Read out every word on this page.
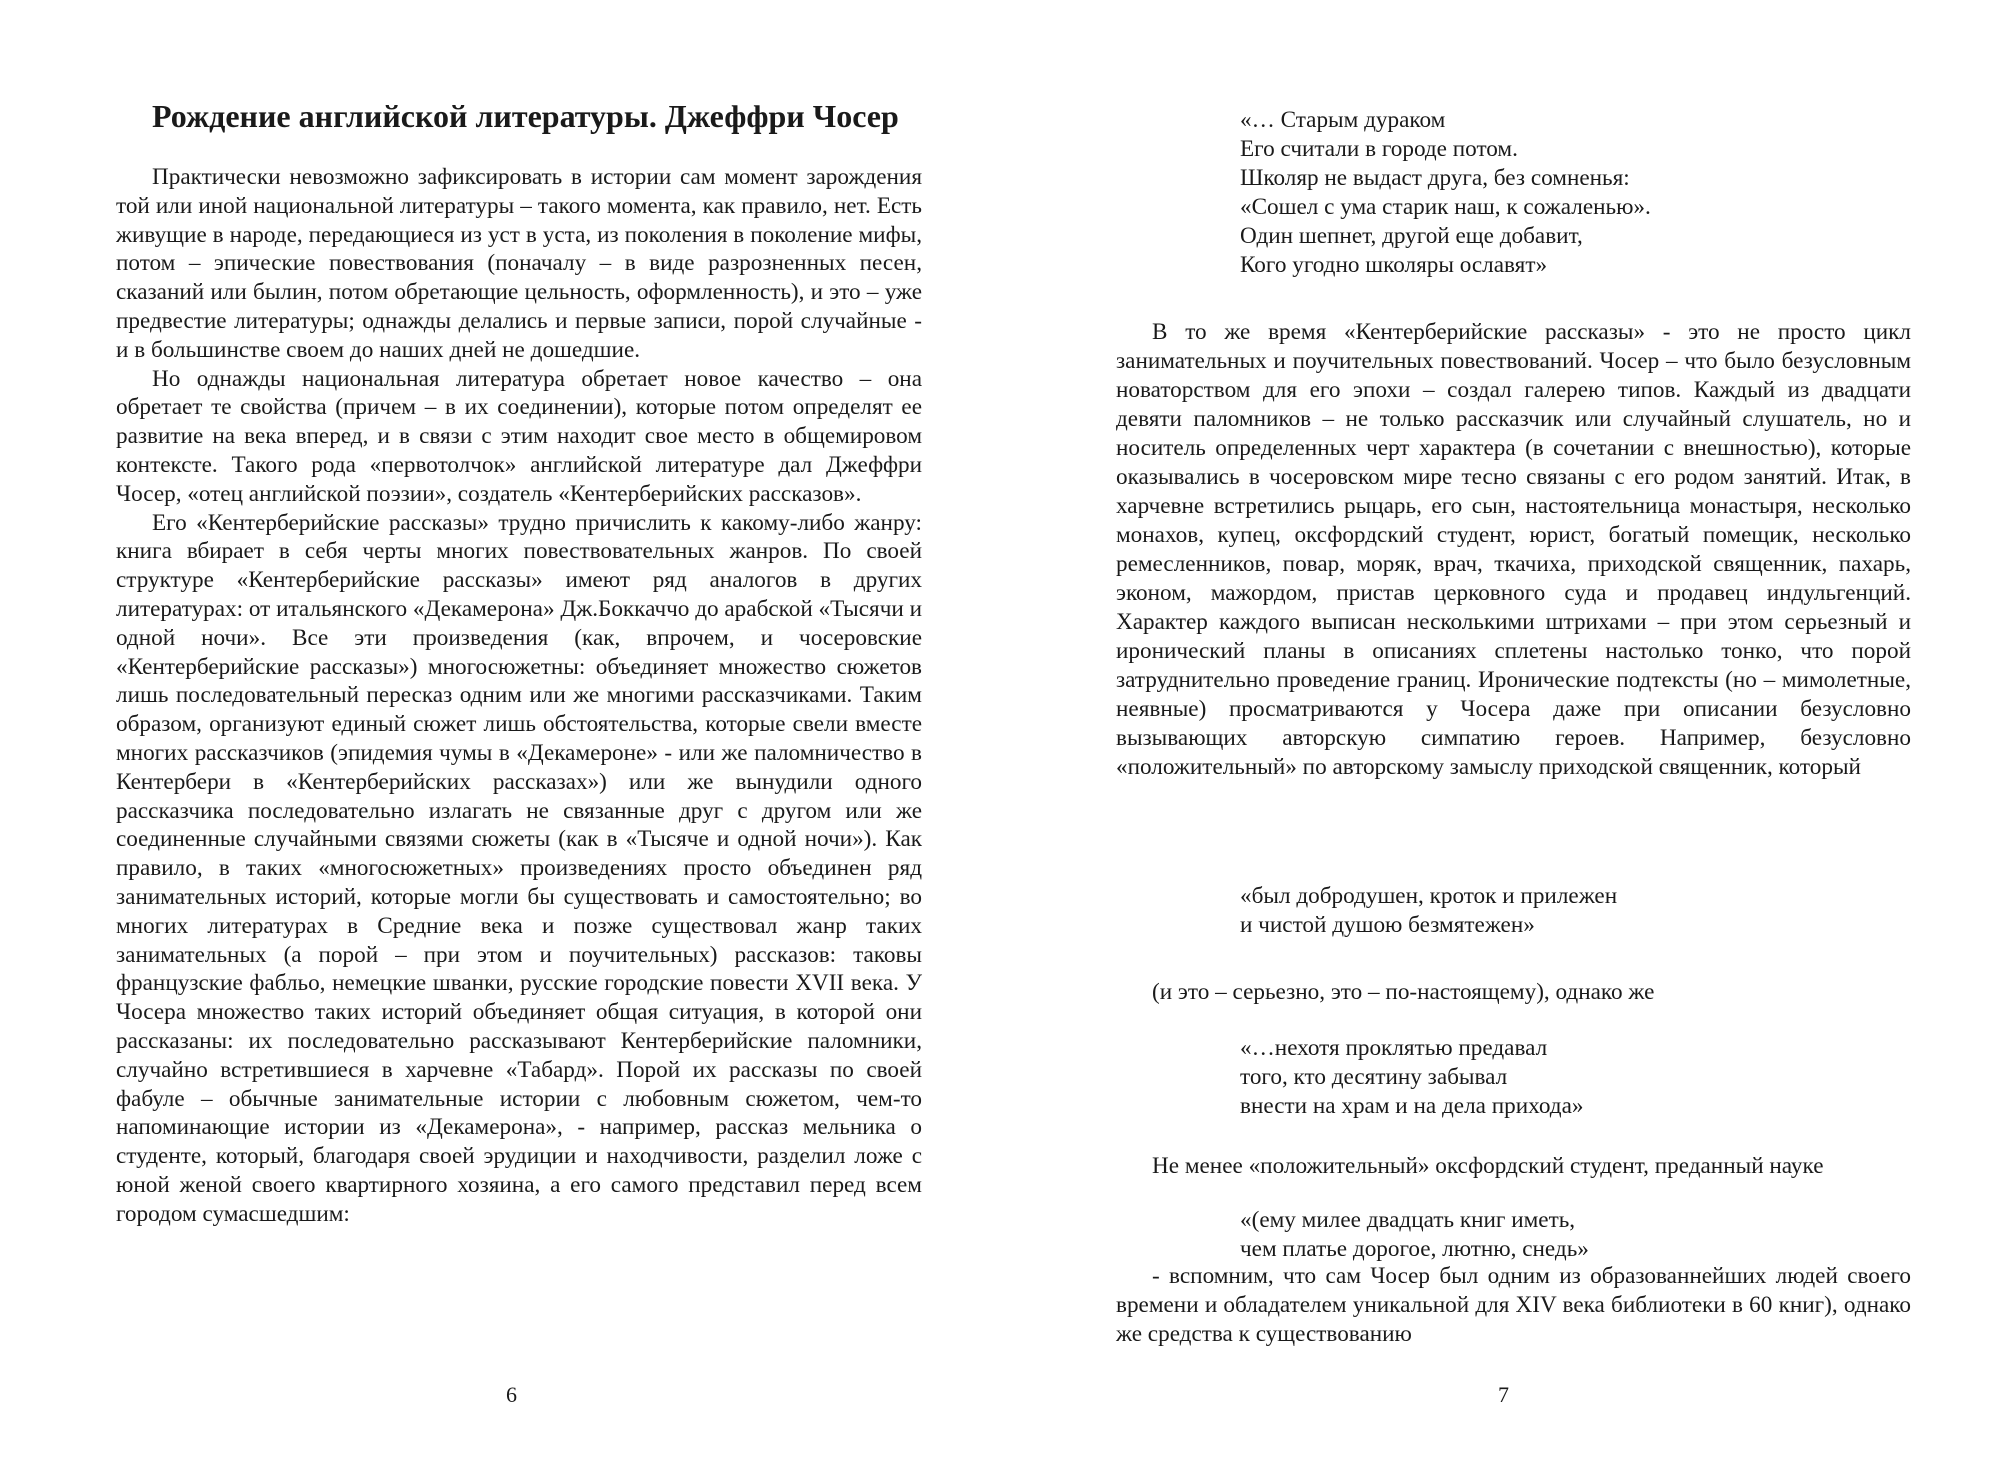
Рождение английской литературы. Джеффри Чосер

Практически невозможно зафиксировать в истории сам момент зарождения той или иной национальной литературы – такого момента, как правило, нет. Есть живущие в народе, передающиеся из уст в уста, из поколения в поколение мифы, потом – эпические повествования (поначалу – в виде разрозненных песен, сказаний или былин, потом обретающие цельность, оформленность), и это – уже предвестие литературы; однажды делались и первые записи, порой случайные - и в большинстве своем до наших дней не дошедшие.

Но однажды национальная литература обретает новое качество – она обретает те свойства (причем – в их соединении), которые потом определят ее развитие на века вперед, и в связи с этим находит свое место в общемировом контексте. Такого рода «первотолчок» английской литературе дал Джеффри Чосер, «отец английской поэзии», создатель «Кентерберийских рассказов».

Его «Кентерберийские рассказы» трудно причислить к какому-либо жанру: книга вбирает в себя черты многих повествовательных жанров. По своей структуре «Кентерберийские рассказы» имеют ряд аналогов в других литературах: от итальянского «Декамерона» Дж.Боккаччо до арабской «Тысячи и одной ночи». Все эти произведения (как, впрочем, и чосеровские «Кентерберийские рассказы») многосюжетны: объединяет множество сюжетов лишь последовательный пересказ одним или же многими рассказчиками. Таким образом, организуют единый сюжет лишь обстоятельства, которые свели вместе многих рассказчиков (эпидемия чумы в «Декамероне» - или же паломничество в Кентербери в «Кентерберийских рассказах») или же вынудили одного рассказчика последовательно излагать не связанные друг с другом или же соединенные случайными связями сюжеты (как в «Тысяче и одной ночи»). Как правило, в таких «многосюжетных» произведениях просто объединен ряд занимательных историй, которые могли бы существовать и самостоятельно; во многих литературах в Средние века и позже существовал жанр таких занимательных (а порой – при этом и поучительных) рассказов: таковы французские фабльо, немецкие шванки, русские городские повести XVII века. У Чосера множество таких историй объединяет общая ситуация, в которой они рассказаны: их последовательно рассказывают Кентерберийские паломники, случайно встретившиеся в харчевне «Табард». Порой их рассказы по своей фабуле – обычные занимательные истории с любовным сюжетом, чем-то напоминающие истории из «Декамерона», - например, рассказ мельника о студенте, который, благодаря своей эрудиции и находчивости, разделил ложе с юной женой своего квартирного хозяина, а его самого представил перед всем городом сумасшедшим:

6
«… Старым дураком
Его считали в городе потом.
Школяр не выдаст друга, без сомненья:
«Сошел с ума старик наш, к сожаленью».
Один шепнет, другой еще добавит,
Кого угодно школяры ославят»

В то же время «Кентерберийские рассказы» - это не просто цикл занимательных и поучительных повествований. Чосер – что было безусловным новаторством для его эпохи – создал галерею типов. Каждый из двадцати девяти паломников – не только рассказчик или случайный слушатель, но и носитель определенных черт характера (в сочетании с внешностью), которые оказывались в чосеровском мире тесно связаны с его родом занятий. Итак, в харчевне встретились рыцарь, его сын, настоятельница монастыря, несколько монахов, купец, оксфордский студент, юрист, богатый помещик, несколько ремесленников, повар, моряк, врач, ткачиха, приходской священник, пахарь, эконом, мажордом, пристав церковного суда и продавец индульгенций. Характер каждого выписан несколькими штрихами – при этом серьезный и иронический планы в описаниях сплетены настолько тонко, что порой затруднительно проведение границ. Иронические подтексты (но – мимолетные, неявные) просматриваются у Чосера даже при описании безусловно вызывающих авторскую симпатию героев. Например, безусловно «положительный» по авторскому замыслу приходской священник, который

«был добродушен, кроток и прилежен
и чистой душою безмятежен»
(и это – серьезно, это – по-настоящему), однако же
«…нехотя проклятью предавал
того, кто десятину забывал
внести на храм и на дела прихода»
Не менее «положительный» оксфордский студент, преданный науке
«(ему милее двадцать книг иметь,
чем платье дорогое, лютню, снедь»

- вспомним, что сам Чосер был одним из образованнейших людей своего времени и обладателем уникальной для XIV века библиотеки в 60 книг), однако же средства к существованию

7
